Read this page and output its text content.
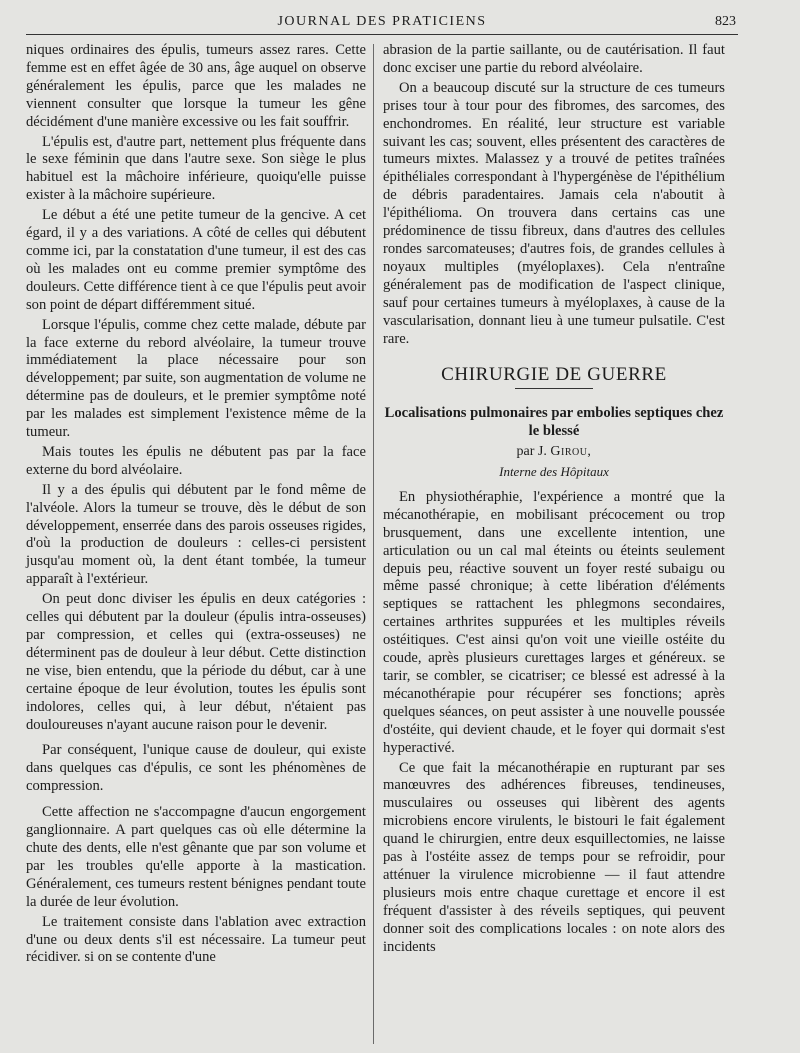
JOURNAL DES PRATICIENS	823

niques ordinaires des épulis, tumeurs assez rares. Cette femme est en effet âgée de 30 ans, âge auquel on observe généralement les épulis, parce que les malades ne viennent consulter que lorsque la tumeur les gêne décidément d'une manière excessive ou les fait souffrir.

L'épulis est, d'autre part, nettement plus fréquente dans le sexe féminin que dans l'autre sexe. Son siège le plus habituel est la mâchoire inférieure, quoiqu'elle puisse exister à la mâchoire supérieure.

Le début a été une petite tumeur de la gencive. A cet égard, il y a des variations. A côté de celles qui débutent comme ici, par la constatation d'une tumeur, il est des cas où les malades ont eu comme premier symptôme des douleurs. Cette différence tient à ce que l'épulis peut avoir son point de départ différemment situé.

Lorsque l'épulis, comme chez cette malade, débute par la face externe du rebord alvéolaire, la tumeur trouve immédiatement la place nécessaire pour son développement; par suite, son augmentation de volume ne détermine pas de douleurs, et le premier symptôme noté par les malades est simplement l'existence même de la tumeur.

Mais toutes les épulis ne débutent pas par la face externe du bord alvéolaire.

Il y a des épulis qui débutent par le fond même de l'alvéole. Alors la tumeur se trouve, dès le début de son développement, enserrée dans des parois osseuses rigides, d'où la production de douleurs : celles-ci persistent jusqu'au moment où, la dent étant tombée, la tumeur apparaît à l'extérieur.

On peut donc diviser les épulis en deux catégories : celles qui débutent par la douleur (épulis intra-osseuses) par compression, et celles qui (extra-osseuses) ne déterminent pas de douleur à leur début. Cette distinction ne vise, bien entendu, que la période du début, car à une certaine époque de leur évolution, toutes les épulis sont indolores, celles qui, à leur début, n'étaient pas douloureuses n'ayant aucune raison pour le devenir.

Par conséquent, l'unique cause de douleur, qui existe dans quelques cas d'épulis, ce sont les phénomènes de compression.

Cette affection ne s'accompagne d'aucun engorgement ganglionnaire. A part quelques cas où elle détermine la chute des dents, elle n'est gênante que par son volume et par les troubles qu'elle apporte à la mastication. Généralement, ces tumeurs restent bénignes pendant toute la durée de leur évolution.

Le traitement consiste dans l'ablation avec extraction d'une ou deux dents s'il est nécessaire. La tumeur peut récidiver. si on se contente d'une

abrasion de la partie saillante, ou de cautérisation. Il faut donc exciser une partie du rebord alvéolaire.

On a beaucoup discuté sur la structure de ces tumeurs prises tour à tour pour des fibromes, des sarcomes, des enchondromes. En réalité, leur structure est variable suivant les cas; souvent, elles présentent des caractères de tumeurs mixtes. Malassez y a trouvé de petites traînées épithéliales correspondant à l'hypergénèse de l'épithélium de débris paradentaires. Jamais cela n'aboutit à l'épithélioma. On trouvera dans certains cas une prédominence de tissu fibreux, dans d'autres des cellules rondes sarcomateuses; d'autres fois, de grandes cellules à noyaux multiples (myéloplaxes). Cela n'entraîne généralement pas de modification de l'aspect clinique, sauf pour certaines tumeurs à myéloplaxes, à cause de la vascularisation, donnant lieu à une tumeur pulsatile. C'est rare.

CHIRURGIE DE GUERRE
Localisations pulmonaires par embolies septiques chez le blessé
par J. Girou,
Interne des Hôpitaux

En physiothéraphie, l'expérience a montré que la mécanothérapie, en mobilisant précocement ou trop brusquement, dans une excellente intention, une articulation ou un cal mal éteints ou éteints seulement depuis peu, réactive souvent un foyer resté subaigu ou même passé chronique; à cette libération d'éléments septiques se rattachent les phlegmons secondaires, certaines arthrites suppurées et les multiples réveils ostéitiques. C'est ainsi qu'on voit une vieille ostéite du coude, après plusieurs curettages larges et généreux. se tarir, se combler, se cicatriser; ce blessé est adressé à la mécanothérapie pour récupérer ses fonctions; après quelques séances, on peut assister à une nouvelle poussée d'ostéite, qui devient chaude, et le foyer qui dormait s'est hyperactivé.

Ce que fait la mécanothérapie en rupturant par ses manœuvres des adhérences fibreuses, tendineuses, musculaires ou osseuses qui libèrent des agents microbiens encore virulents, le bistouri le fait également quand le chirurgien, entre deux esquillectomies, ne laisse pas à l'ostéite assez de temps pour se refroidir, pour atténuer la virulence microbienne — il faut attendre plusieurs mois entre chaque curettage et encore il est fréquent d'assister à des réveils septiques, qui peuvent donner soit des complications locales : on note alors des incidents
